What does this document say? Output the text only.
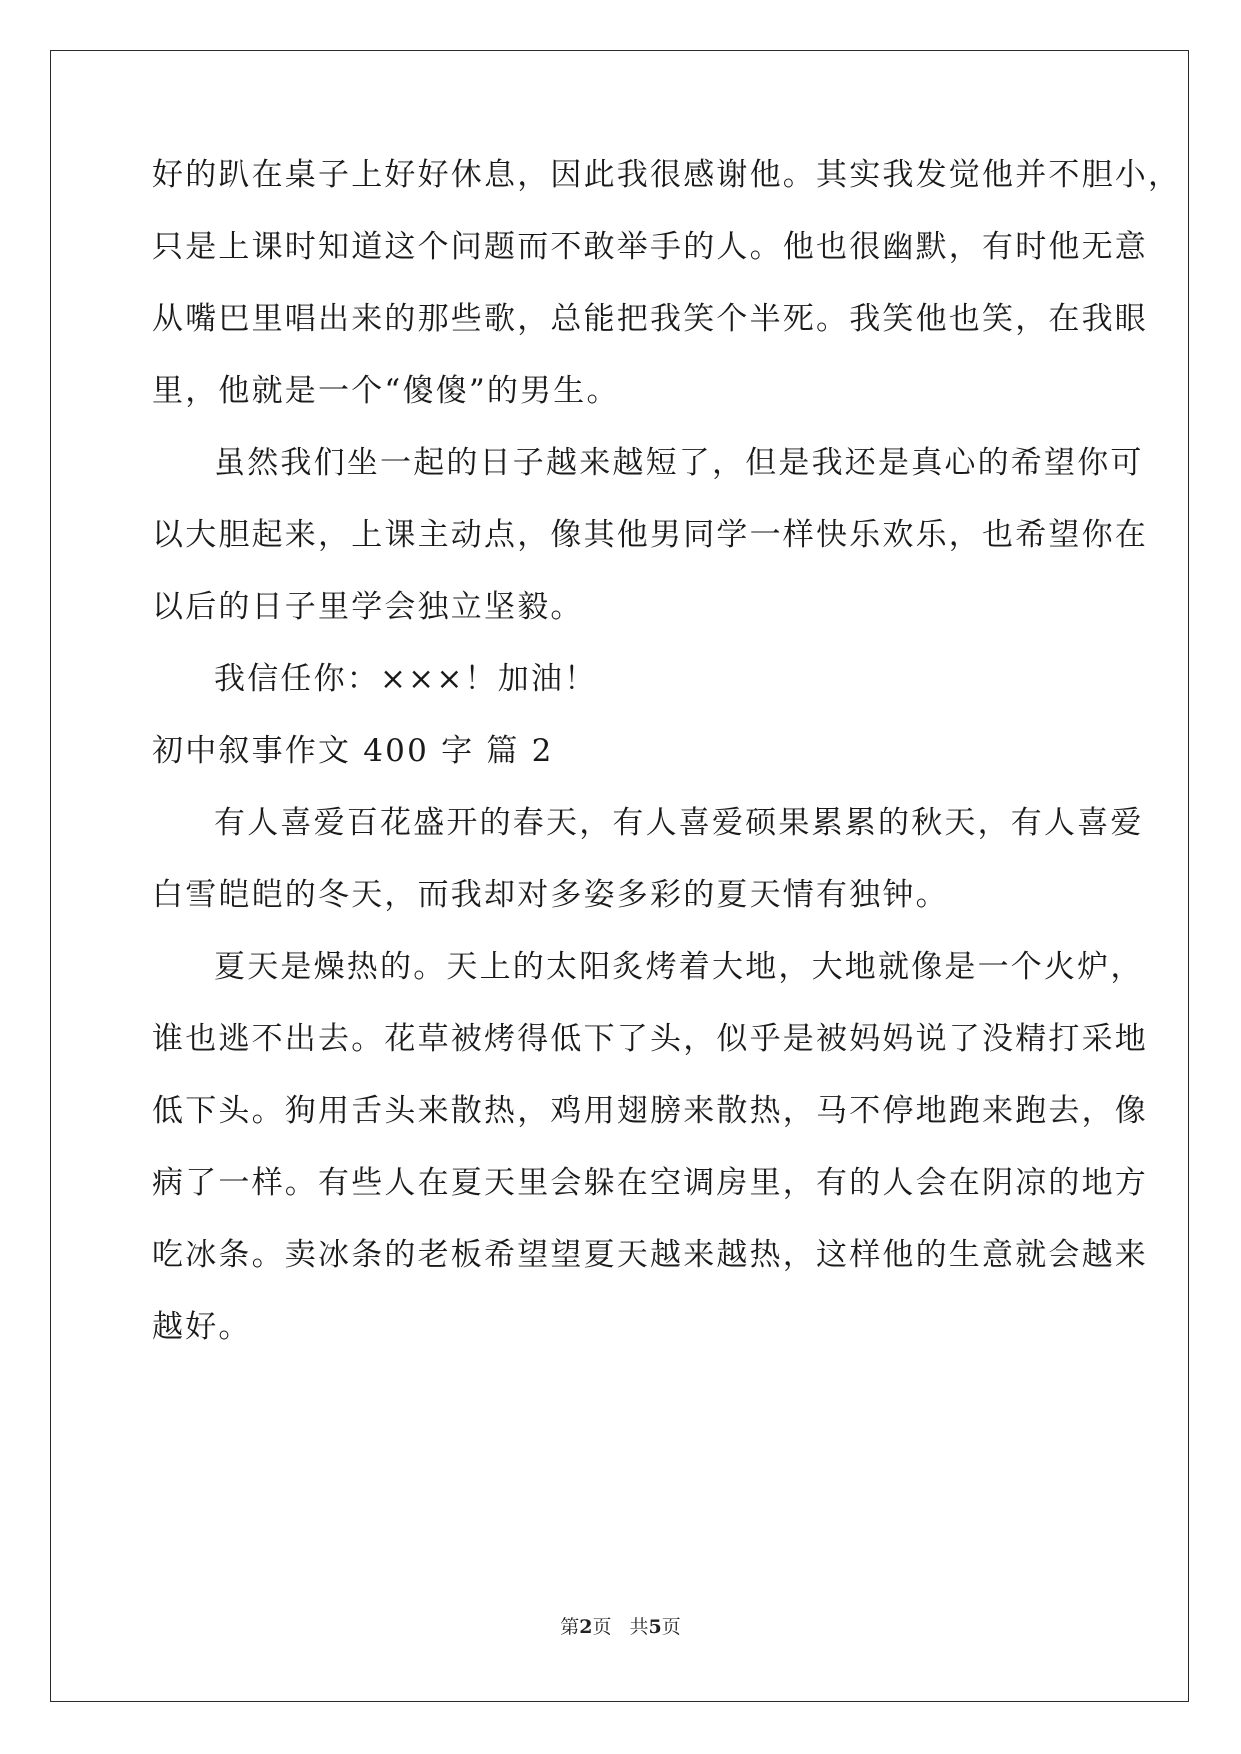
好的趴在桌子上好好休息，因此我很感谢他。其实我发觉他并不胆小，
只是上课时知道这个问题而不敢举手的人。他也很幽默，有时他无意
从嘴巴里唱出来的那些歌，总能把我笑个半死。我笑他也笑，在我眼
里，他就是一个“傻傻”的男生。
虽然我们坐一起的日子越来越短了，但是我还是真心的希望你可
以大胆起来，上课主动点，像其他男同学一样快乐欢乐，也希望你在
以后的日子里学会独立坚毅。
我信任你：×××！加油！
初中叙事作文 400 字 篇 2
有人喜爱百花盛开的春天，有人喜爱硕果累累的秋天，有人喜爱
白雪皑皑的冬天，而我却对多姿多彩的夏天情有独钟。
夏天是燥热的。天上的太阳炙烤着大地，大地就像是一个火炉，
谁也逃不出去。花草被烤得低下了头，似乎是被妈妈说了没精打采地
低下头。狗用舌头来散热，鸡用翅膀来散热，马不停地跑来跑去，像
病了一样。有些人在夏天里会躲在空调房里，有的人会在阴凉的地方
吃冰条。卖冰条的老板希望望夏天越来越热，这样他的生意就会越来
越好。
第2页 共5页
